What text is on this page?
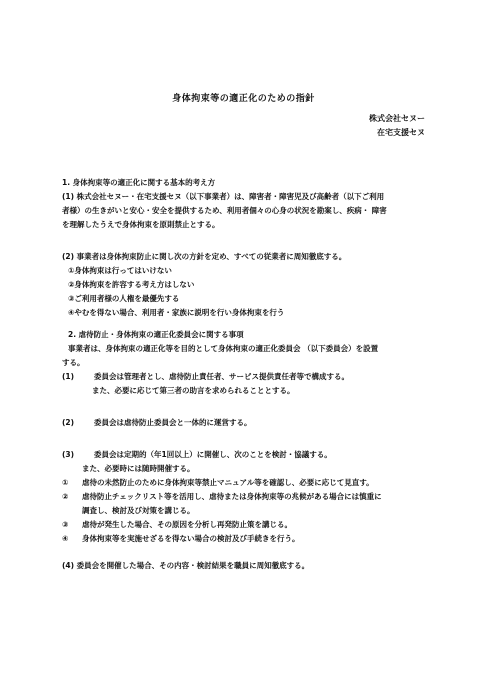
身体拘束等の適正化のための指針
株式会社セヌー
在宅支援セヌ
1. 身体拘束等の適正化に関する基本的考え方
(1) 株式会社セヌー・在宅支援セヌ（以下事業者）は、障害者・障害児及び高齢者（以下ご利用
者様）の生きがいと安心・安全を提供するため、利用者個々の心身の状況を勘案し、疾病・ 障害
を理解したうえで身体拘束を原則禁止とする。
(2) 事業者は身体拘束防止に関し次の方針を定め、すべての従業者に周知徹底する。
①身体拘束は行ってはいけない
②身体拘束を許容する考え方はしない
③ご利用者様の人権を最優先する
④やむを得ない場合、利用者・家族に説明を行い身体拘束を行う
2. 虐待防止・身体拘束の適正化委員会に関する事項
事業者は、身体拘束の適正化等を目的として身体拘束の適正化委員会 （以下委員会）を設置
する。
(1)	委員会は管理者とし、虐待防止責任者、サービス提供責任者等で構成する。
また、必要に応じて第三者の助言を求められることとする。
(2)	委員会は虐待防止委員会と一体的に運営する。
(3)	委員会は定期的（年1回以上）に開催し、次のことを検討・協議する。
また、必要時には随時開催する。
① 虐待の未然防止のために身体拘束等禁止マニュアル等を確認し、必要に応じて見直す。
② 虐待防止チェックリスト等を活用し、虐待または身体拘束等の兆候がある場合には慎重に
調査し、検討及び対策を講じる。
③ 虐待が発生した場合、その原因を分析し再発防止策を講じる。
④ 身体拘束等を実施せざるを得ない場合の検討及び手続きを行う。
(4) 委員会を開催した場合、その内容・検討結果を職員に周知徹底する。
